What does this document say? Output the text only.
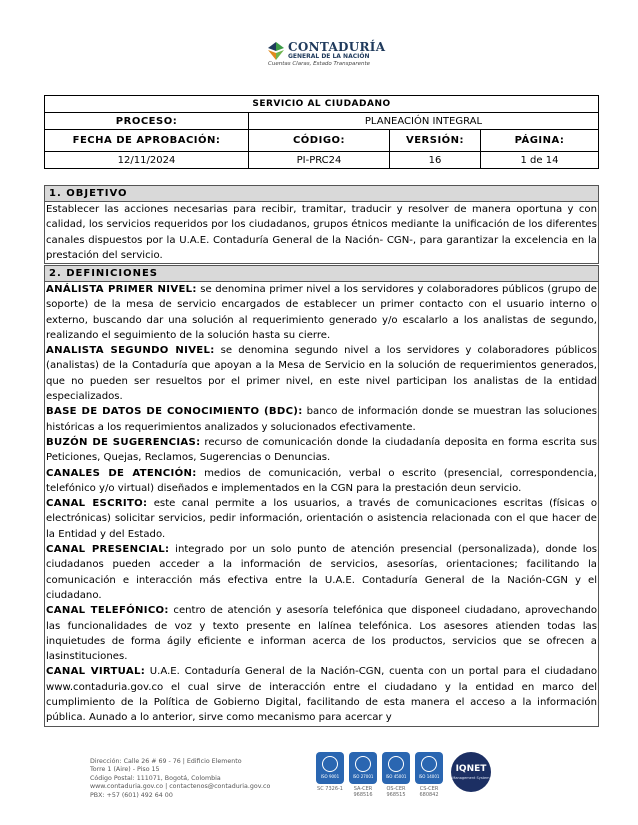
CONTADURÍA
GENERAL DE LA NACIÓN
Cuentas Claras, Estado Transparente
SERVICIO AL CIUDADANO			
PROCESO:	PLANEACIÓN INTEGRAL		
FECHA DE APROBACIÓN:	CÓDIGO:	VERSIÓN:	PÁGINA:
12/11/2024	PI-PRC24	16	1 de 14
1. OBJETIVO
Establecer las acciones necesarias para recibir, tramitar, traducir y resolver de manera oportuna y con calidad, los servicios requeridos por los ciudadanos, grupos étnicos mediante la unificación de los diferentes canales dispuestos por la U.A.E. Contaduría General de la Nación- CGN-, para garantizar la excelencia en la prestación del servicio.
2. DEFINICIONES

ANÁLISTA PRIMER NIVEL: se denomina primer nivel a los servidores y colaboradores públicos (grupo de soporte) de la mesa de servicio encargados de establecer un primer contacto con el usuario interno o externo, buscando dar una solución al requerimiento generado y/o escalarlo a los analistas de segundo, realizando el seguimiento de la solución hasta su cierre.

ANALISTA SEGUNDO NIVEL: se denomina segundo nivel a los servidores y colaboradores públicos (analistas) de la Contaduría que apoyan a la Mesa de Servicio en la solución de requerimientos generados, que no pueden ser resueltos por el primer nivel, en este nivel participan los analistas de la entidad especializados.

BASE DE DATOS DE CONOCIMIENTO (BDC): banco de información donde se muestran las soluciones históricas a los requerimientos analizados y solucionados efectivamente.

BUZÓN DE SUGERENCIAS: recurso de comunicación donde la ciudadanía deposita en forma escrita sus Peticiones, Quejas, Reclamos, Sugerencias o Denuncias.

CANALES DE ATENCIÓN: medios de comunicación, verbal o escrito (presencial, correspondencia, telefónico y/o virtual) diseñados e implementados en la CGN para la prestación deun servicio.

CANAL ESCRITO: este canal permite a los usuarios, a través de comunicaciones escritas (físicas o electrónicas) solicitar servicios, pedir información, orientación o asistencia relacionada con el que hacer de la Entidad y del Estado.

CANAL PRESENCIAL: integrado por un solo punto de atención presencial (personalizada), donde los ciudadanos pueden acceder a la información de servicios, asesorías, orientaciones; facilitando la comunicación e interacción más efectiva entre la U.A.E. Contaduría General de la Nación-CGN y el ciudadano.

CANAL TELEFÓNICO: centro de atención y asesoría telefónica que disponeel ciudadano, aprovechando las funcionalidades de voz y texto presente en lalínea telefónica. Los asesores atienden todas las inquietudes de forma ágily eficiente e informan acerca de los productos, servicios que se ofrecen a lasinstituciones.

CANAL VIRTUAL: U.A.E. Contaduría General de la Nación-CGN, cuenta con un portal para el ciudadano www.contaduria.gov.co el cual sirve de interacción entre el ciudadano y la entidad en marco del cumplimiento de la Política de Gobierno Digital, facilitando de esta manera el acceso a la información pública. Aunado a lo anterior, sirve como mecanismo para acercar y

Dirección: Calle 26 # 69 - 76 | Edificio Elemento
Torre 1 (Aire) - Piso 15
Código Postal: 111071, Bogotá, Colombia
www.contaduria.gov.co | contactenos@contaduria.gov.co
PBX: +57 (601) 492 64 00
ISO 9001
SC 7326-1
ISO 27001
SA-CER 968516
ISO 45001
OS-CER 968515
ISO 14001
CS-CER 680842
IQNET
Management System
